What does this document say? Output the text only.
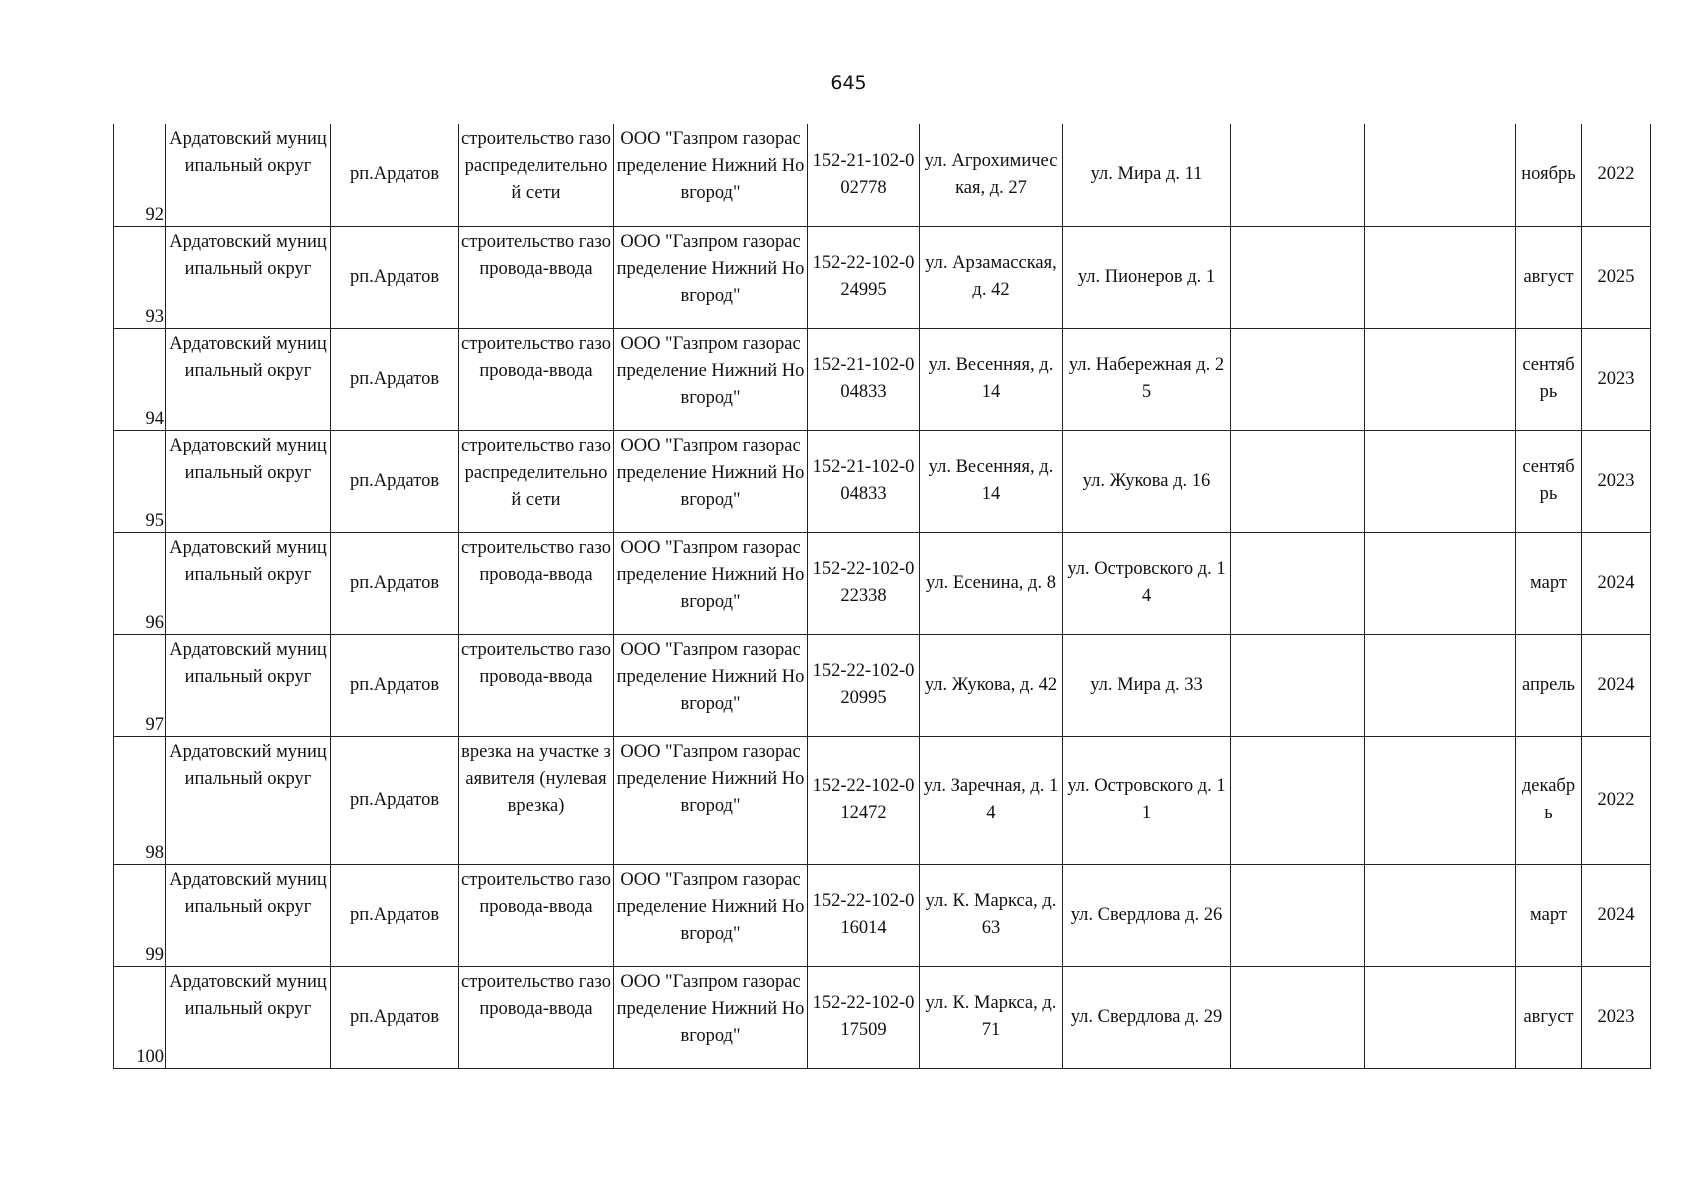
645
92	Ардатовский муниципальный округ	рп.Ардатов	строительство газораспределительной сети	ООО "Газпром газораспределение Нижний Новгород"	152-21-102-002778	ул. Агрохимическая, д. 27	ул. Мира д. 11			ноябрь	2022
93	Ардатовский муниципальный округ	рп.Ардатов	строительство газопровода-ввода	ООО "Газпром газораспределение Нижний Новгород"	152-22-102-024995	ул. Арзамасская, д. 42	ул. Пионеров д. 1			август	2025
94	Ардатовский муниципальный округ	рп.Ардатов	строительство газопровода-ввода	ООО "Газпром газораспределение Нижний Новгород"	152-21-102-004833	ул. Весенняя, д. 14	ул. Набережная д. 25			сентябрь	2023
95	Ардатовский муниципальный округ	рп.Ардатов	строительство газораспределительной сети	ООО "Газпром газораспределение Нижний Новгород"	152-21-102-004833	ул. Весенняя, д. 14	ул. Жукова д. 16			сентябрь	2023
96	Ардатовский муниципальный округ	рп.Ардатов	строительство газопровода-ввода	ООО "Газпром газораспределение Нижний Новгород"	152-22-102-022338	ул. Есенина, д. 8	ул. Островского д. 14			март	2024
97	Ардатовский муниципальный округ	рп.Ардатов	строительство газопровода-ввода	ООО "Газпром газораспределение Нижний Новгород"	152-22-102-020995	ул. Жукова, д. 42	ул. Мира д. 33			апрель	2024
98	Ардатовский муниципальный округ	рп.Ардатов	врезка на участке заявителя (нулевая врезка)	ООО "Газпром газораспределение Нижний Новгород"	152-22-102-012472	ул. Заречная, д. 14	ул. Островского д. 11			декабрь	2022
99	Ардатовский муниципальный округ	рп.Ардатов	строительство газопровода-ввода	ООО "Газпром газораспределение Нижний Новгород"	152-22-102-016014	ул. К. Маркса, д. 63	ул. Свердлова д. 26			март	2024
100	Ардатовский муниципальный округ	рп.Ардатов	строительство газопровода-ввода	ООО "Газпром газораспределение Нижний Новгород"	152-22-102-017509	ул. К. Маркса, д. 71	ул. Свердлова д. 29			август	2023
